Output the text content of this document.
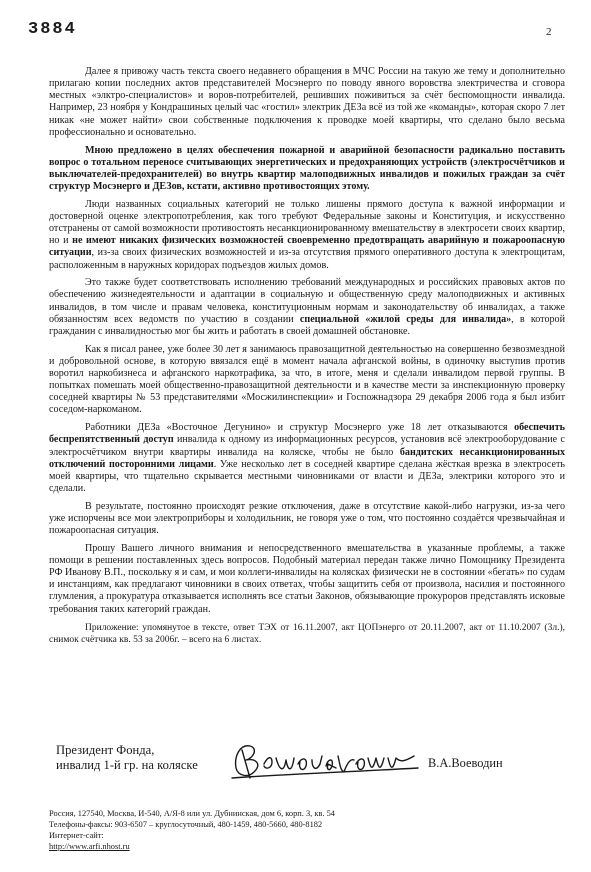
3884	2

Далее я привожу часть текста своего недавнего обращения в МЧС России на такую же тему и дополнительно прилагаю копии последних актов представителей Мосэнерго по поводу явного воровства электричества и сговора местных «элктро-специалистов» и воров-потребителей, решивших поживиться за счёт беспомощности инвалида. Например, 23 ноября у Кондрашиных целый час «гостил» электрик ДЕЗа всё из той же «команды», которая скоро 7 лет никак «не может найти» свои собственные подключения к проводке моей квартиры, что сделано было весьма профессионально и основательно.

Мною предложено в целях обеспечения пожарной и аварийной безопасности радикально поставить вопрос о тотальном переносе считывающих энергетических и предохраняющих устройств (электросчётчиков и выключателей-предохранителей) во внутрь квартир малоподвижных инвалидов и пожилых граждан за счёт структур Мосэнерго и ДЕЗов, кстати, активно противостоящих этому.

Люди названных социальных категорий не только лишены прямого доступа к важной информации и достоверной оценке электропотребления, как того требуют Федеральные законы и Конституция, и искусственно отстранены от самой возможности противостоять несанкционированному вмешательству в электросети своих квартир, но и не имеют никаких физических возможностей своевременно предотвращать аварийную и пожароопасную ситуации, из-за своих физических возможностей и из-за отсутствия прямого оперативного доступа к электрощитам, расположенным в наружных коридорах подъездов жилых домов.

Это также будет соответствовать исполнению требований международных и российских правовых актов по обеспечению жизнедеятельности и адаптации в социальную и общественную среду малоподвижных и активных инвалидов, в том числе и правам человека, конституционным нормам и законодательству об инвалидах, а также обязанностям всех ведомств по участию в создании специальной «жилой среды для инвалида», в которой гражданин с инвалидностью мог бы жить и работать в своей домашней обстановке.

Как я писал ранее, уже более 30 лет я занимаюсь правозащитной деятельностью на совершенно безвозмездной и добровольной основе, в которую ввязался ещё в момент начала афганской войны, в одиночку выступив против воротил наркобизнеса и афганского наркотрафика, за что, в итоге, меня и сделали инвалидом первой группы. В попытках помешать моей общественно-правозащитной деятельности и в качестве мести за инспекционную проверку соседней квартиры № 53 представителями «Мосжилинспекции» и Госпожнадзора 29 декабря 2006 года я был избит соседом-наркоманом.

Работники ДЕЗа «Восточное Дегунино» и структур Мосэнерго уже 18 лет отказываются обеспечить беспрепятственный доступ инвалида к одному из информационных ресурсов, установив всё электрооборудование с электросчётчиком внутри квартиры инвалида на коляске, чтобы не было бандитских несанкционированных отключений посторонними лицами. Уже несколько лет в соседней квартире сделана жёсткая врезка в электросеть моей квартиры, что тщательно скрывается местными чиновниками от власти и ДЕЗа, электрики которого это и сделали.

В результате, постоянно происходят резкие отключения, даже в отсутствие какой-либо нагрузки, из-за чего уже испорчены все мои электроприборы и холодильник, не говоря уже о том, что постоянно создаётся чрезвычайная и пожароопасная ситуация.

Прошу Вашего личного внимания и непосредственного вмешательства в указанные проблемы, а также помощи в решении поставленных здесь вопросов. Подобный материал передан также лично Помощнику Президента РФ Иванову В.П., поскольку я и сам, и мои коллеги-инвалиды на колясках физически не в состоянии «бегать» по судам и инстанциям, как предлагают чиновники в своих ответах, чтобы защитить себя от произвола, насилия и постоянного глумления, а прокуратура отказывается исполнять все статьи Законов, обязывающие прокуроров представлять исковые требования таких категорий граждан.

Приложение: упомянутое в тексте, ответ ТЭХ от 16.11.2007, акт ЦОПэнерго от 20.11.2007, акт от 11.10.2007 (3л.), снимок счётчика кв. 53 за 2006г. – всего на 6 листах.

Президент Фонда,
инвалид 1-й гр. на коляске	В.А.Воеводин
Россия, 127540, Москва, И-540, А/Я-8 или ул. Дубнинская, дом 6, корп. 3, кв. 54
Телефоны-факсы: 903-6507 – круглосуточный, 480-1459, 480-5660, 480-8182
Интернет-сайт:
http://www.arfi.nhost.ru
